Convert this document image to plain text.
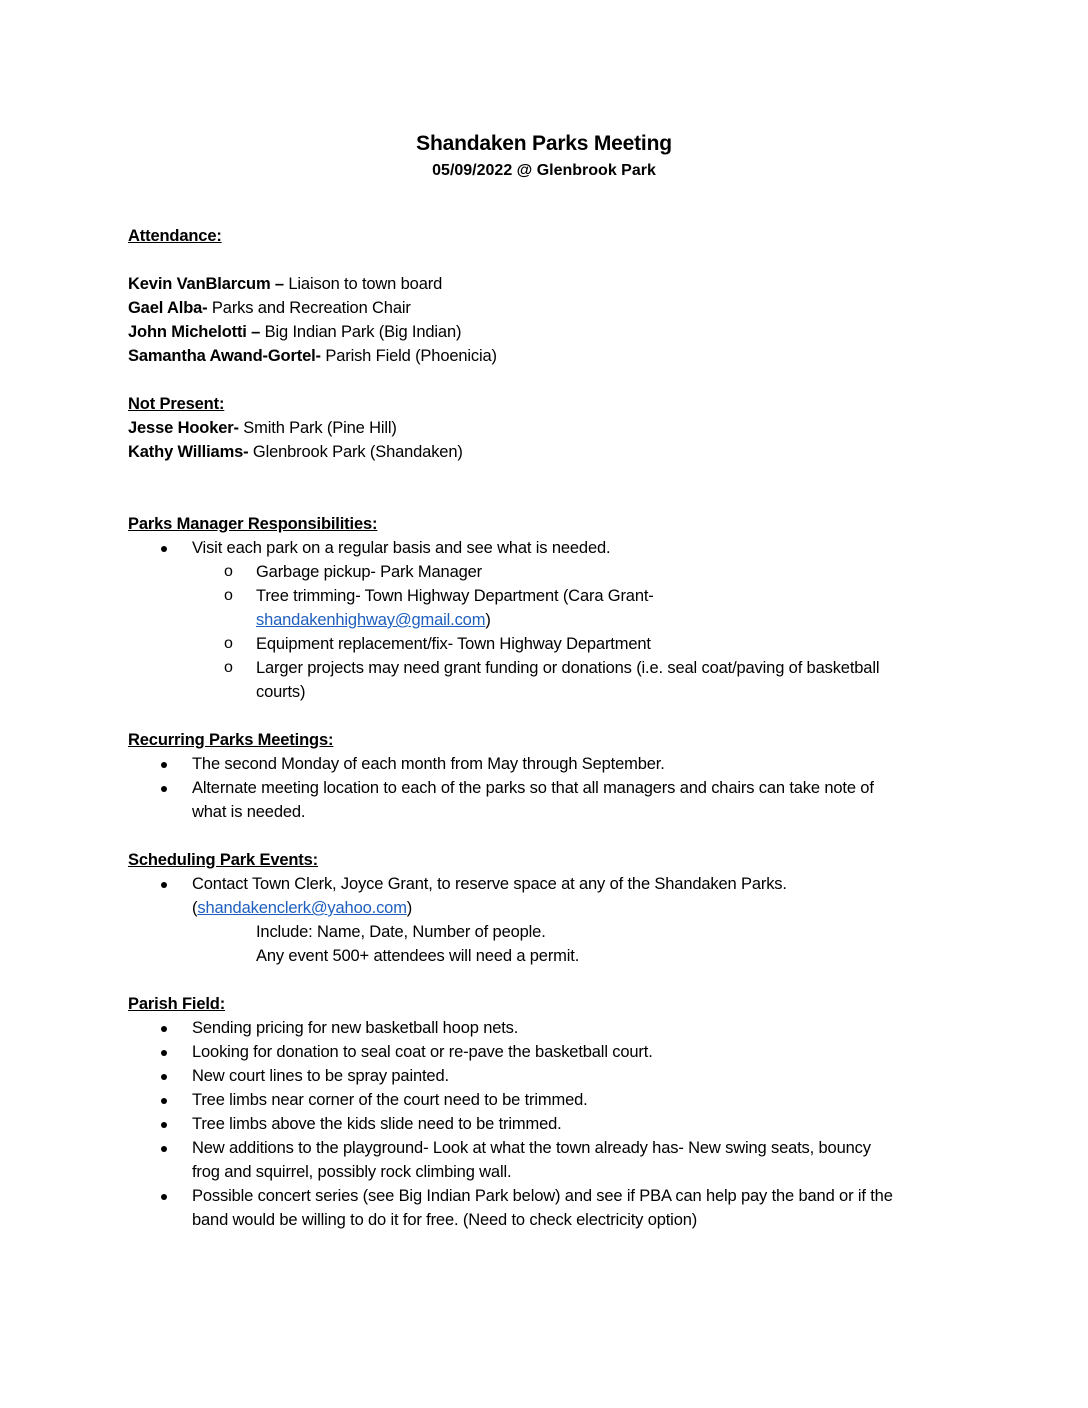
Shandaken Parks Meeting
05/09/2022 @ Glenbrook Park

Attendance:

Kevin VanBlarcum – Liaison to town board

Gael Alba- Parks and Recreation Chair

John Michelotti – Big Indian Park (Big Indian)

Samantha Awand-Gortel- Parish Field (Phoenicia)

Not Present:

Jesse Hooker- Smith Park (Pine Hill)

Kathy Williams- Glenbrook Park (Shandaken)

Parks Manager Responsibilities:

Visit each park on a regular basis and see what is needed.
o Garbage pickup- Park Manager
o Tree trimming- Town Highway Department (Cara Grant-
shandakenhighway@gmail.com)
o Equipment replacement/fix- Town Highway Department
o Larger projects may need grant funding or donations (i.e. seal coat/paving of basketball
courts)

Recurring Parks Meetings:

The second Monday of each month from May through September.
Alternate meeting location to each of the parks so that all managers and chairs can take note of
what is needed.

Scheduling Park Events:

Contact Town Clerk, Joyce Grant, to reserve space at any of the Shandaken Parks.
(shandakenclerk@yahoo.com)

Include: Name, Date, Number of people.

Any event 500+ attendees will need a permit.

Parish Field:

Sending pricing for new basketball hoop nets.
Looking for donation to seal coat or re-pave the basketball court.
New court lines to be spray painted.
Tree limbs near corner of the court need to be trimmed.
Tree limbs above the kids slide need to be trimmed.
New additions to the playground- Look at what the town already has- New swing seats, bouncy
frog and squirrel, possibly rock climbing wall.
Possible concert series (see Big Indian Park below) and see if PBA can help pay the band or if the
band would be willing to do it for free. (Need to check electricity option)
